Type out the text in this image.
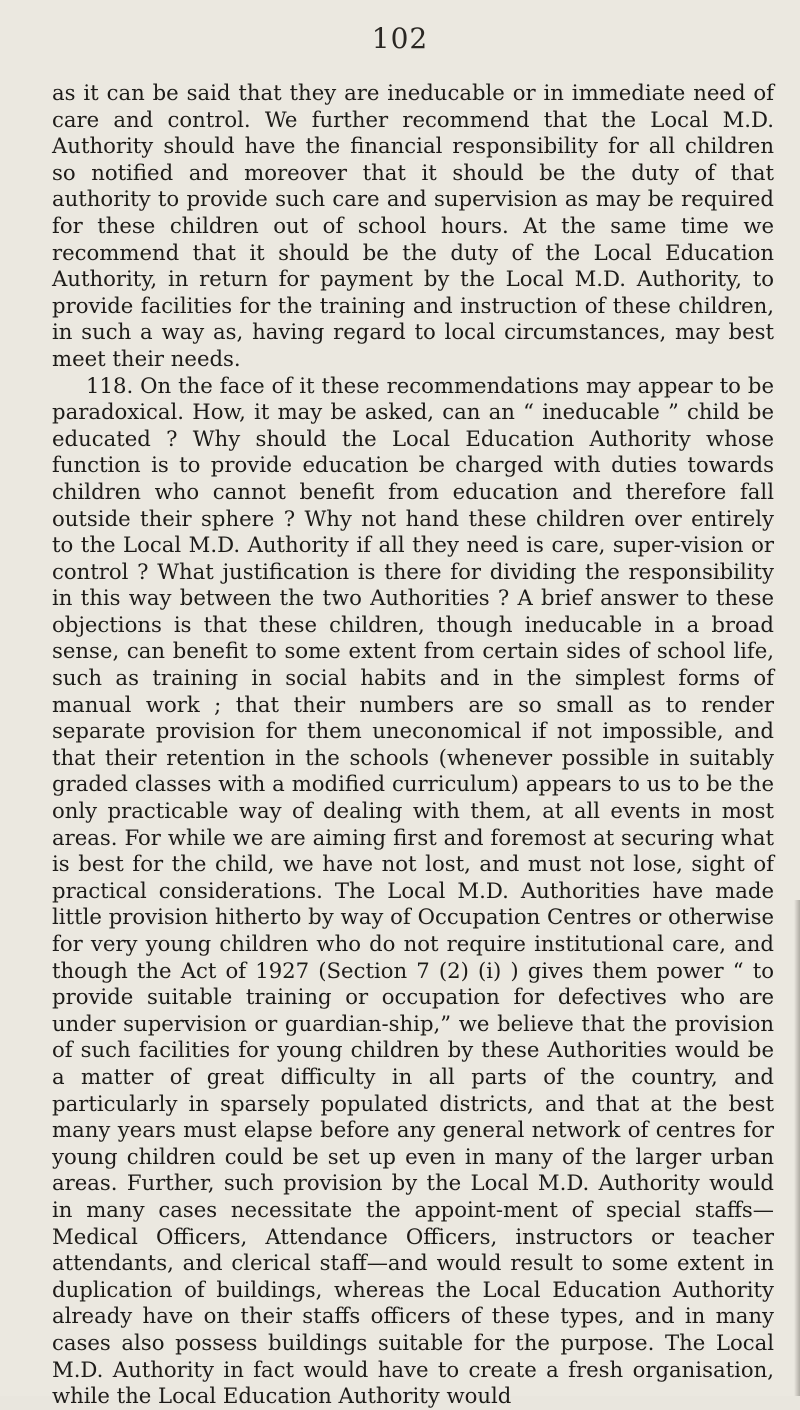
102

as it can be said that they are ineducable or in immediate need of care and control. We further recommend that the Local M.D. Authority should have the financial responsibility for all children so notified and moreover that it should be the duty of that authority to provide such care and supervision as may be required for these children out of school hours. At the same time we recommend that it should be the duty of the Local Education Authority, in return for payment by the Local M.D. Authority, to provide facilities for the training and instruction of these children, in such a way as, having regard to local circumstances, may best meet their needs.

118. On the face of it these recommendations may appear to be paradoxical. How, it may be asked, can an “ ineducable ” child be educated ? Why should the Local Education Authority whose function is to provide education be charged with duties towards children who cannot benefit from education and therefore fall outside their sphere ? Why not hand these children over entirely to the Local M.D. Authority if all they need is care, super-vision or control ? What justification is there for dividing the responsibility in this way between the two Authorities ? A brief answer to these objections is that these children, though ineducable in a broad sense, can benefit to some extent from certain sides of school life, such as training in social habits and in the simplest forms of manual work ; that their numbers are so small as to render separate provision for them uneconomical if not impossible, and that their retention in the schools (whenever possible in suitably graded classes with a modified curriculum) appears to us to be the only practicable way of dealing with them, at all events in most areas. For while we are aiming first and foremost at securing what is best for the child, we have not lost, and must not lose, sight of practical considerations. The Local M.D. Authorities have made little provision hitherto by way of Occupation Centres or otherwise for very young children who do not require institutional care, and though the Act of 1927 (Section 7 (2) (i) ) gives them power “ to provide suitable training or occupation for defectives who are under supervision or guardian-ship,” we believe that the provision of such facilities for young children by these Authorities would be a matter of great difficulty in all parts of the country, and particularly in sparsely populated districts, and that at the best many years must elapse before any general network of centres for young children could be set up even in many of the larger urban areas. Further, such provision by the Local M.D. Authority would in many cases necessitate the appoint-ment of special staffs—Medical Officers, Attendance Officers, instructors or teacher attendants, and clerical staff—and would result to some extent in duplication of buildings, whereas the Local Education Authority already have on their staffs officers of these types, and in many cases also possess buildings suitable for the purpose. The Local M.D. Authority in fact would have to create a fresh organisation, while the Local Education Authority would
